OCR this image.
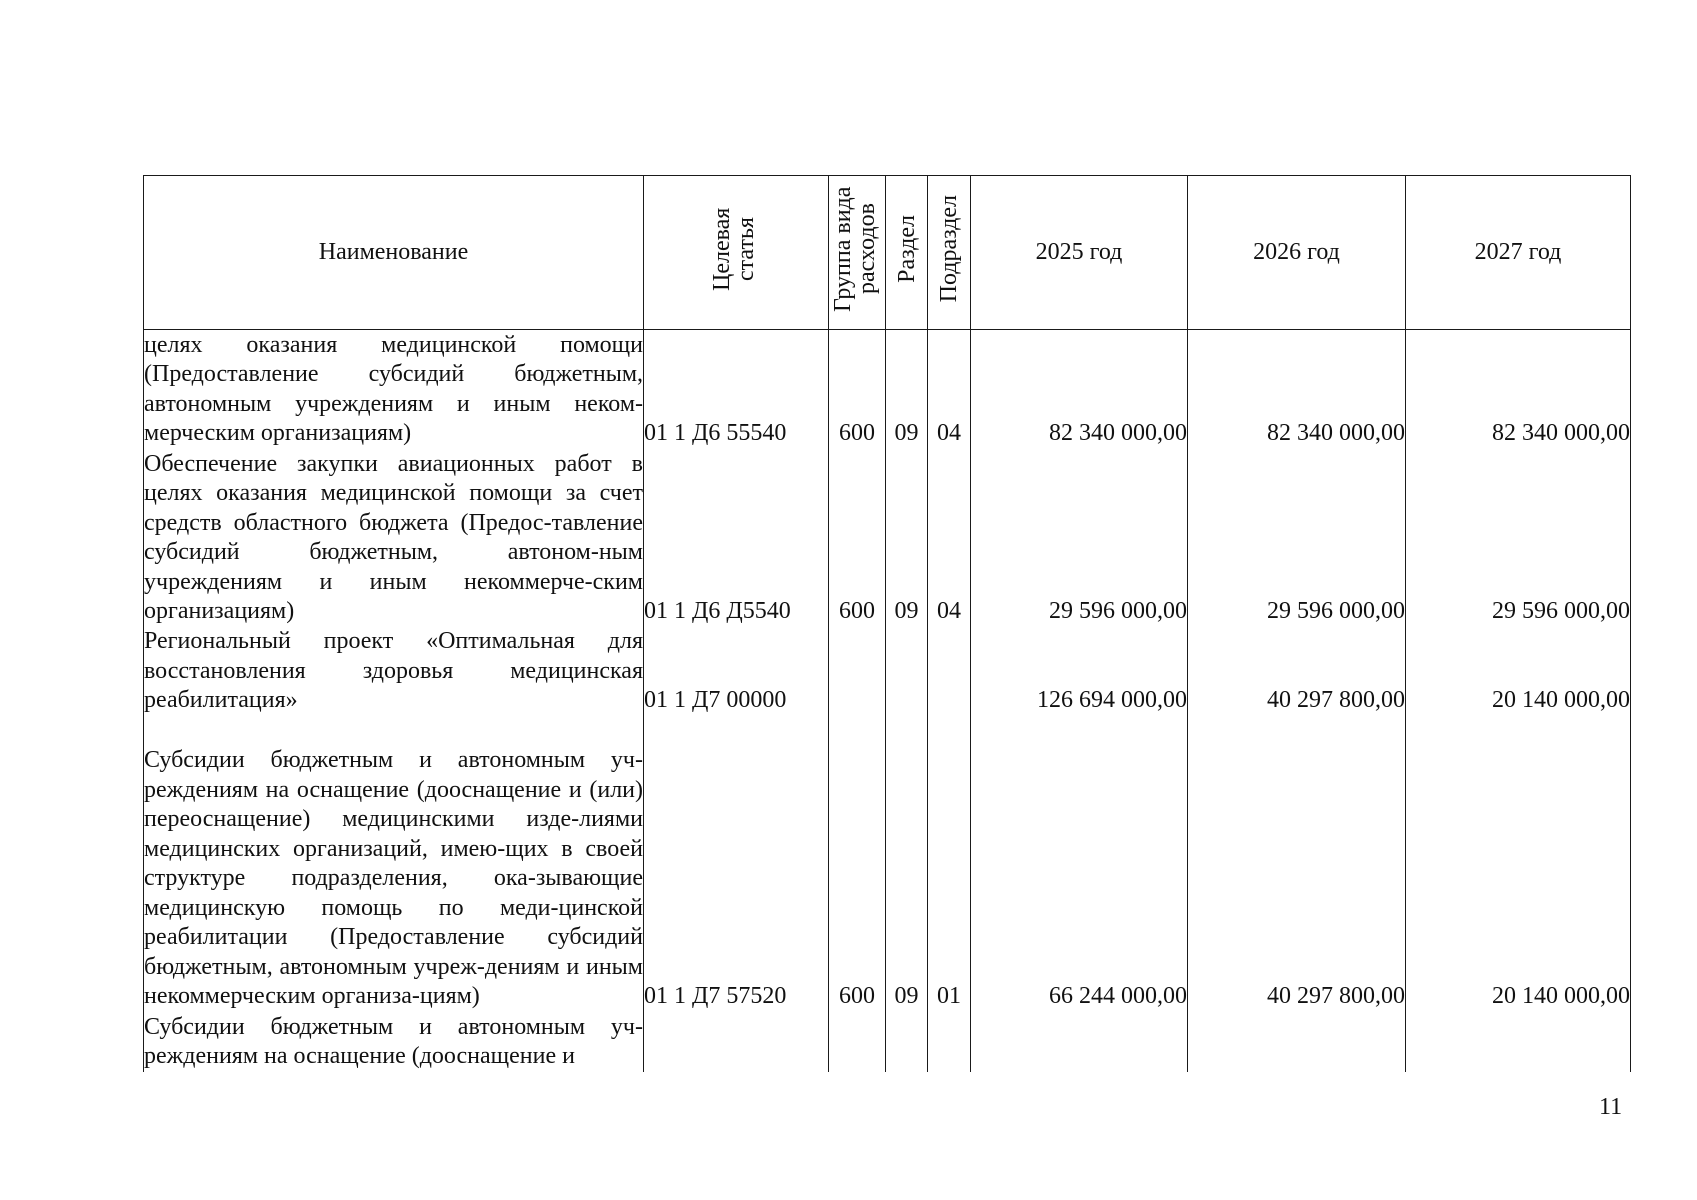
Наименование	Целевая статья	Группа вида расходов	Раздел	Подраздел	2025 год	2026 год	2027 год
целях оказания медицинской помощи (Предоставление субсидий бюджетным, автономным учреждениям и иным неком-мерческим организациям)	01 1 Д6 55540	600	09	04	82 340 000,00	82 340 000,00	82 340 000,00
Обеспечение закупки авиационных работ в целях оказания медицинской помощи за счет средств областного бюджета (Предос-тавление субсидий бюджетным, автоном-ным учреждениям и иным некоммерче-ским организациям)	01 1 Д6 Д5540	600	09	04	29 596 000,00	29 596 000,00	29 596 000,00
Региональный проект «Оптимальная для восстановления здоровья медицинская реабилитация»	01 1 Д7 00000				126 694 000,00	40 297 800,00	20 140 000,00
Субсидии бюджетным и автономным уч-реждениям на оснащение (дооснащение и (или) переоснащение) медицинскими изде-лиями медицинских организаций, имею-щих в своей структуре подразделения, ока-зывающие медицинскую помощь по меди-цинской реабилитации (Предоставление субсидий бюджетным, автономным учреж-дениям и иным некоммерческим организа-циям)	01 1 Д7 57520	600	09	01	66 244 000,00	40 297 800,00	20 140 000,00
Субсидии бюджетным и автономным уч-реждениям на оснащение (дооснащение и							
11
